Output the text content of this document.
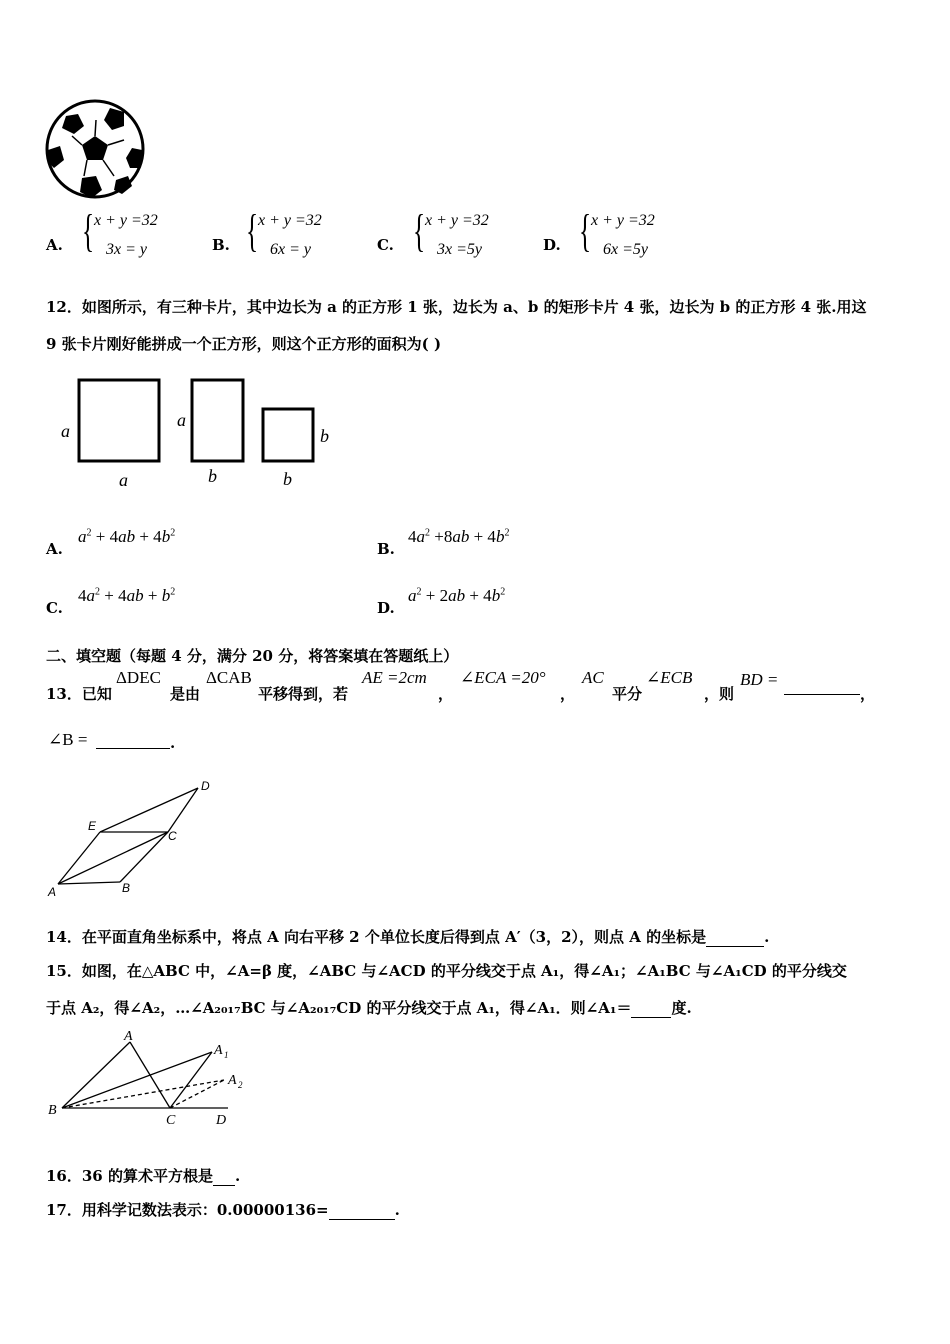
A. { x + y =32
3x = y	B. { x + y =32
6x = y	C. { x + y =32
3x =5y	D. { x + y =32
6x =5y
12．如图所示，有三种卡片，其中边长为 a 的正方形 1 张，边长为 a、b 的矩形卡片 4 张，边长为 b 的正方形 4 张.用这
9 张卡片刚好能拼成一个正方形，则这个正方形的面积为( )
a
a
a
b
b
b
A.
$a^2 + 4ab + 4b^2$
B.
$4a^2 +8ab + 4b^2$
C.
$4a^2 + 4ab + b^2$
D.
$a^2 + 2ab + 4b^2$
二、填空题（每题 4 分，满分 20 分，将答案填在答题纸上）
13．已知
ΔDEC
是由
ΔCAB
平移得到，若
AE =2cm
，
∠ECA =20°
，
AC
平分
∠ECB
，则
BD =
，
∠B =	.
A	B
C
D
E
14．在平面直角坐标系中，将点 A 向右平移 2 个单位长度后得到点 A′（3，2），则点 A 的坐标是	.
15．如图，在△ABC 中，∠A=β 度，∠ABC 与∠ACD 的平分线交于点 A₁，得∠A₁；∠A₁BC 与∠A₁CD 的平分线交
于点 A₂，得∠A₂，…∠A₂₀₁₇BC 与∠A₂₀₁₇CD 的平分线交于点 A₁，得∠A₁．则∠A₁＝	度.
B
A
A 1
A 2
C	D
16．36 的算术平方根是 .
17．用科学记数法表示：0.00000136=	.
